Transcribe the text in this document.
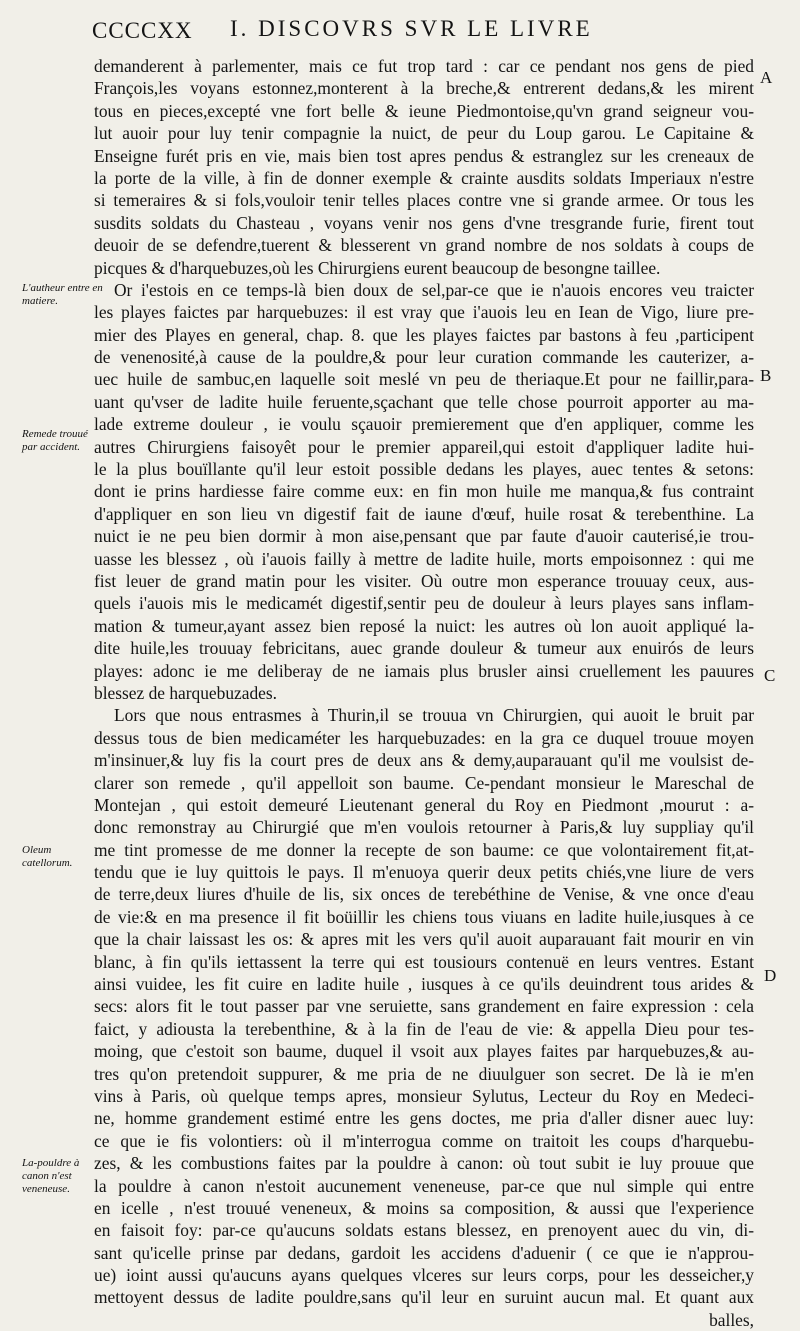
CCCCXX I. DISCOVRS SVR LE LIVRE
demanderent à parlementer, mais ce fut trop tard : car ce pendant nos gens de pied
François,les voyans estonnez,monterent à la breche,& entrerent dedans,& les mirent
tous en pieces,excepté vne fort belle & ieune Piedmontoise,qu'vn grand seigneur vou-
lut auoir pour luy tenir compagnie la nuict, de peur du Loup garou. Le Capitaine &
Enseigne furét pris en vie, mais bien tost apres pendus & estranglez sur les creneaux de
la porte de la ville, à fin de donner exemple & crainte ausdits soldats Imperiaux n'estre
si temeraires & si fols,vouloir tenir telles places contre vne si grande armee. Or tous les
susdits soldats du Chasteau , voyans venir nos gens d'vne tresgrande furie, firent tout
deuoir de se defendre,tuerent & blesserent vn grand nombre de nos soldats à coups de
picques & d'harquebuzes,où les Chirurgiens eurent beaucoup de besongne taillee.
Or i'estois en ce temps-là bien doux de sel,par-ce que ie n'auois encores veu traicter
les playes faictes par harquebuzes: il est vray que i'auois leu en Iean de Vigo, liure pre-
mier des Playes en general, chap. 8. que les playes faictes par bastons à feu ,participent
de venenosité,à cause de la pouldre,& pour leur curation commande les cauterizer, a-
uec huile de sambuc,en laquelle soit meslé vn peu de theriaque.Et pour ne faillir,para-
uant qu'vser de ladite huile feruente,sçachant que telle chose pourroit apporter au ma-
lade extreme douleur , ie voulu sçauoir premierement que d'en appliquer, comme les
autres Chirurgiens faisoyêt pour le premier appareil,qui estoit d'appliquer ladite hui-
le la plus bouïllante qu'il leur estoit possible dedans les playes, auec tentes & setons:
dont ie prins hardiesse faire comme eux: en fin mon huile me manqua,& fus contraint
d'appliquer en son lieu vn digestif fait de iaune d'œuf, huile rosat & terebenthine. La
nuict ie ne peu bien dormir à mon aise,pensant que par faute d'auoir cauterisé,ie trou-
uasse les blessez , où i'auois failly à mettre de ladite huile, morts empoisonnez : qui me
fist leuer de grand matin pour les visiter. Où outre mon esperance trouuay ceux, aus-
quels i'auois mis le medicamét digestif,sentir peu de douleur à leurs playes sans inflam-
mation & tumeur,ayant assez bien reposé la nuict: les autres où lon auoit appliqué la-
dite huile,les trouuay febricitans, auec grande douleur & tumeur aux enuirós de leurs
playes: adonc ie me deliberay de ne iamais plus brusler ainsi cruellement les pauures
blessez de harquebuzades.
Lors que nous entrasmes à Thurin,il se trouua vn Chirurgien, qui auoit le bruit par
dessus tous de bien medicaméter les harquebuzades: en la gra ce duquel trouue moyen
m'insinuer,& luy fis la court pres de deux ans & demy,auparauant qu'il me voulsist de-
clarer son remede , qu'il appelloit son baume. Ce-pendant monsieur le Mareschal de
Montejan , qui estoit demeuré Lieutenant general du Roy en Piedmont ,mourut : a-
donc remonstray au Chirurgié que m'en voulois retourner à Paris,& luy suppliay qu'il
me tint promesse de me donner la recepte de son baume: ce que volontairement fit,at-
tendu que ie luy quittois le pays. Il m'enuoya querir deux petits chiés,vne liure de vers
de terre,deux liures d'huile de lis, six onces de terebéthine de Venise, & vne once d'eau
de vie:& en ma presence il fit boüillir les chiens tous viuans en ladite huile,iusques à ce
que la chair laissast les os: & apres mit les vers qu'il auoit auparauant fait mourir en vin
blanc, à fin qu'ils iettassent la terre qui est tousiours contenuë en leurs ventres. Estant
ainsi vuidee, les fit cuire en ladite huile , iusques à ce qu'ils deuindrent tous arides &
secs: alors fit le tout passer par vne seruiette, sans grandement en faire expression : cela
faict, y adiousta la terebenthine, & à la fin de l'eau de vie: & appella Dieu pour tes-
moing, que c'estoit son baume, duquel il vsoit aux playes faites par harquebuzes,& au-
tres qu'on pretendoit suppurer, & me pria de ne diuulguer son secret. De là ie m'en
vins à Paris, où quelque temps apres, monsieur Sylutus, Lecteur du Roy en Medeci-
ne, homme grandement estimé entre les gens doctes, me pria d'aller disner auec luy:
ce que ie fis volontiers: où il m'interrogua comme on traitoit les coups d'harquebu-
zes, & les combustions faites par la pouldre à canon: où tout subit ie luy prouue que
la pouldre à canon n'estoit aucunement veneneuse, par-ce que nul simple qui entre
en icelle , n'est trouué veneneux, & moins sa composition, & aussi que l'experience
en faisoit foy: par-ce qu'aucuns soldats estans blessez, en prenoyent auec du vin, di-
sant qu'icelle prinse par dedans, gardoit les accidens d'aduenir ( ce que ie n'approu-
ue) ioint aussi qu'aucuns ayans quelques vlceres sur leurs corps, pour les desseicher,y
mettoyent dessus de ladite pouldre,sans qu'il leur en suruint aucun mal. Et quant aux
balles,
L'autheur entre en matiere.
Remede trouué par accident.
Oleum catellorum.
La-pouldre à canon n'est veneneuse.
A
B
C
D
